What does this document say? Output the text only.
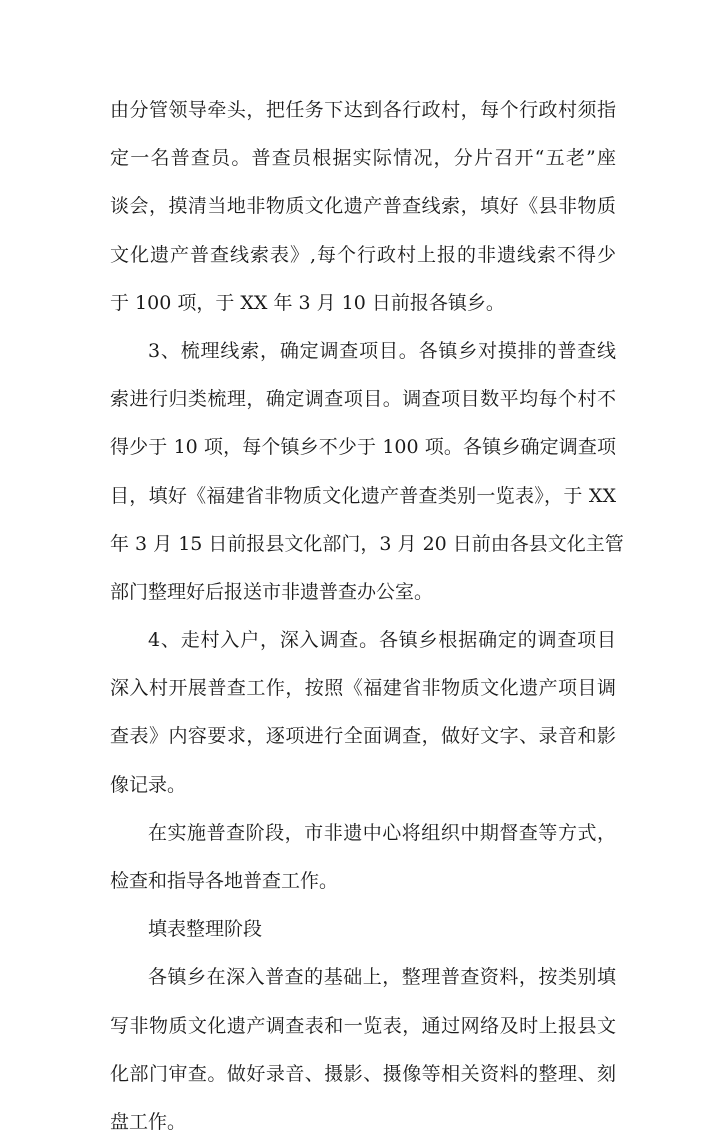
由分管领导牵头，把任务下达到各行政村，每个行政村须指
定一名普查员。普查员根据实际情况，分片召开“五老”座
谈会，摸清当地非物质文化遗产普查线索，填好《县非物质
文化遗产普查线索表》,每个行政村上报的非遗线索不得少
于 100 项，于 XX 年 3 月 10 日前报各镇乡。
3、梳理线索，确定调查项目。各镇乡对摸排的普查线
索进行归类梳理，确定调查项目。调查项目数平均每个村不
得少于 10 项，每个镇乡不少于 100 项。各镇乡确定调查项
目，填好《福建省非物质文化遗产普查类别一览表》，于 XX
年 3 月 15 日前报县文化部门，3 月 20 日前由各县文化主管
部门整理好后报送市非遗普查办公室。
4、走村入户，深入调查。各镇乡根据确定的调查项目
深入村开展普查工作，按照《福建省非物质文化遗产项目调
查表》内容要求，逐项进行全面调查，做好文字、录音和影
像记录。
在实施普查阶段，市非遗中心将组织中期督查等方式，
检查和指导各地普查工作。
填表整理阶段
各镇乡在深入普查的基础上，整理普查资料，按类别填
写非物质文化遗产调查表和一览表，通过网络及时上报县文
化部门审查。做好录音、摄影、摄像等相关资料的整理、刻
盘工作。
